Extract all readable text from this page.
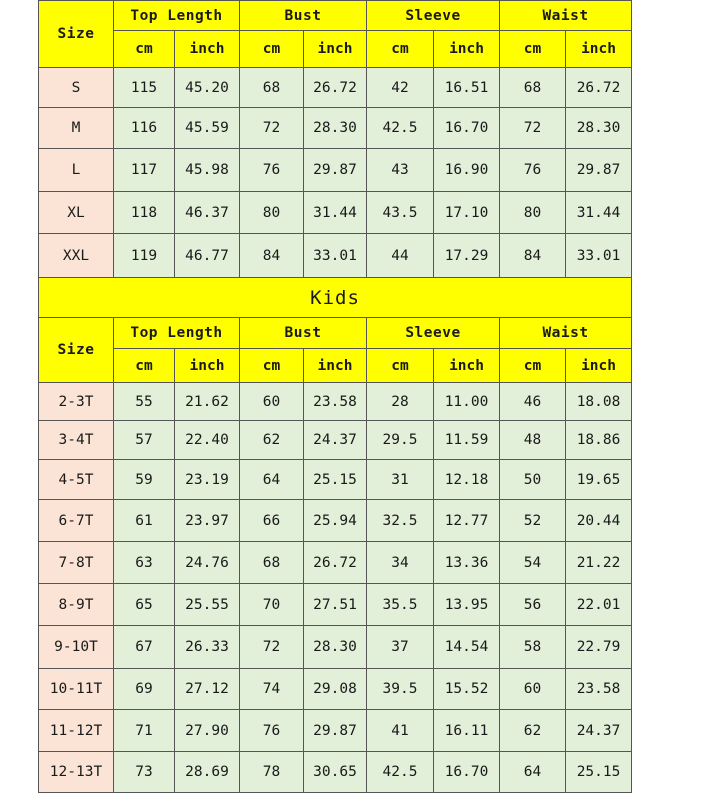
Size	Top Length		Bust		Sleeve		Waist	
	cm	inch	cm	inch	cm	inch	cm	inch
S	115	45.20	68	26.72	42	16.51	68	26.72
M	116	45.59	72	28.30	42.5	16.70	72	28.30
L	117	45.98	76	29.87	43	16.90	76	29.87
XL	118	46.37	80	31.44	43.5	17.10	80	31.44
XXL	119	46.77	84	33.01	44	17.29	84	33.01
Kids								
Size	Top Length		Bust		Sleeve		Waist	
	cm	inch	cm	inch	cm	inch	cm	inch
2-3T	55	21.62	60	23.58	28	11.00	46	18.08
3-4T	57	22.40	62	24.37	29.5	11.59	48	18.86
4-5T	59	23.19	64	25.15	31	12.18	50	19.65
6-7T	61	23.97	66	25.94	32.5	12.77	52	20.44
7-8T	63	24.76	68	26.72	34	13.36	54	21.22
8-9T	65	25.55	70	27.51	35.5	13.95	56	22.01
9-10T	67	26.33	72	28.30	37	14.54	58	22.79
10-11T	69	27.12	74	29.08	39.5	15.52	60	23.58
11-12T	71	27.90	76	29.87	41	16.11	62	24.37
12-13T	73	28.69	78	30.65	42.5	16.70	64	25.15
